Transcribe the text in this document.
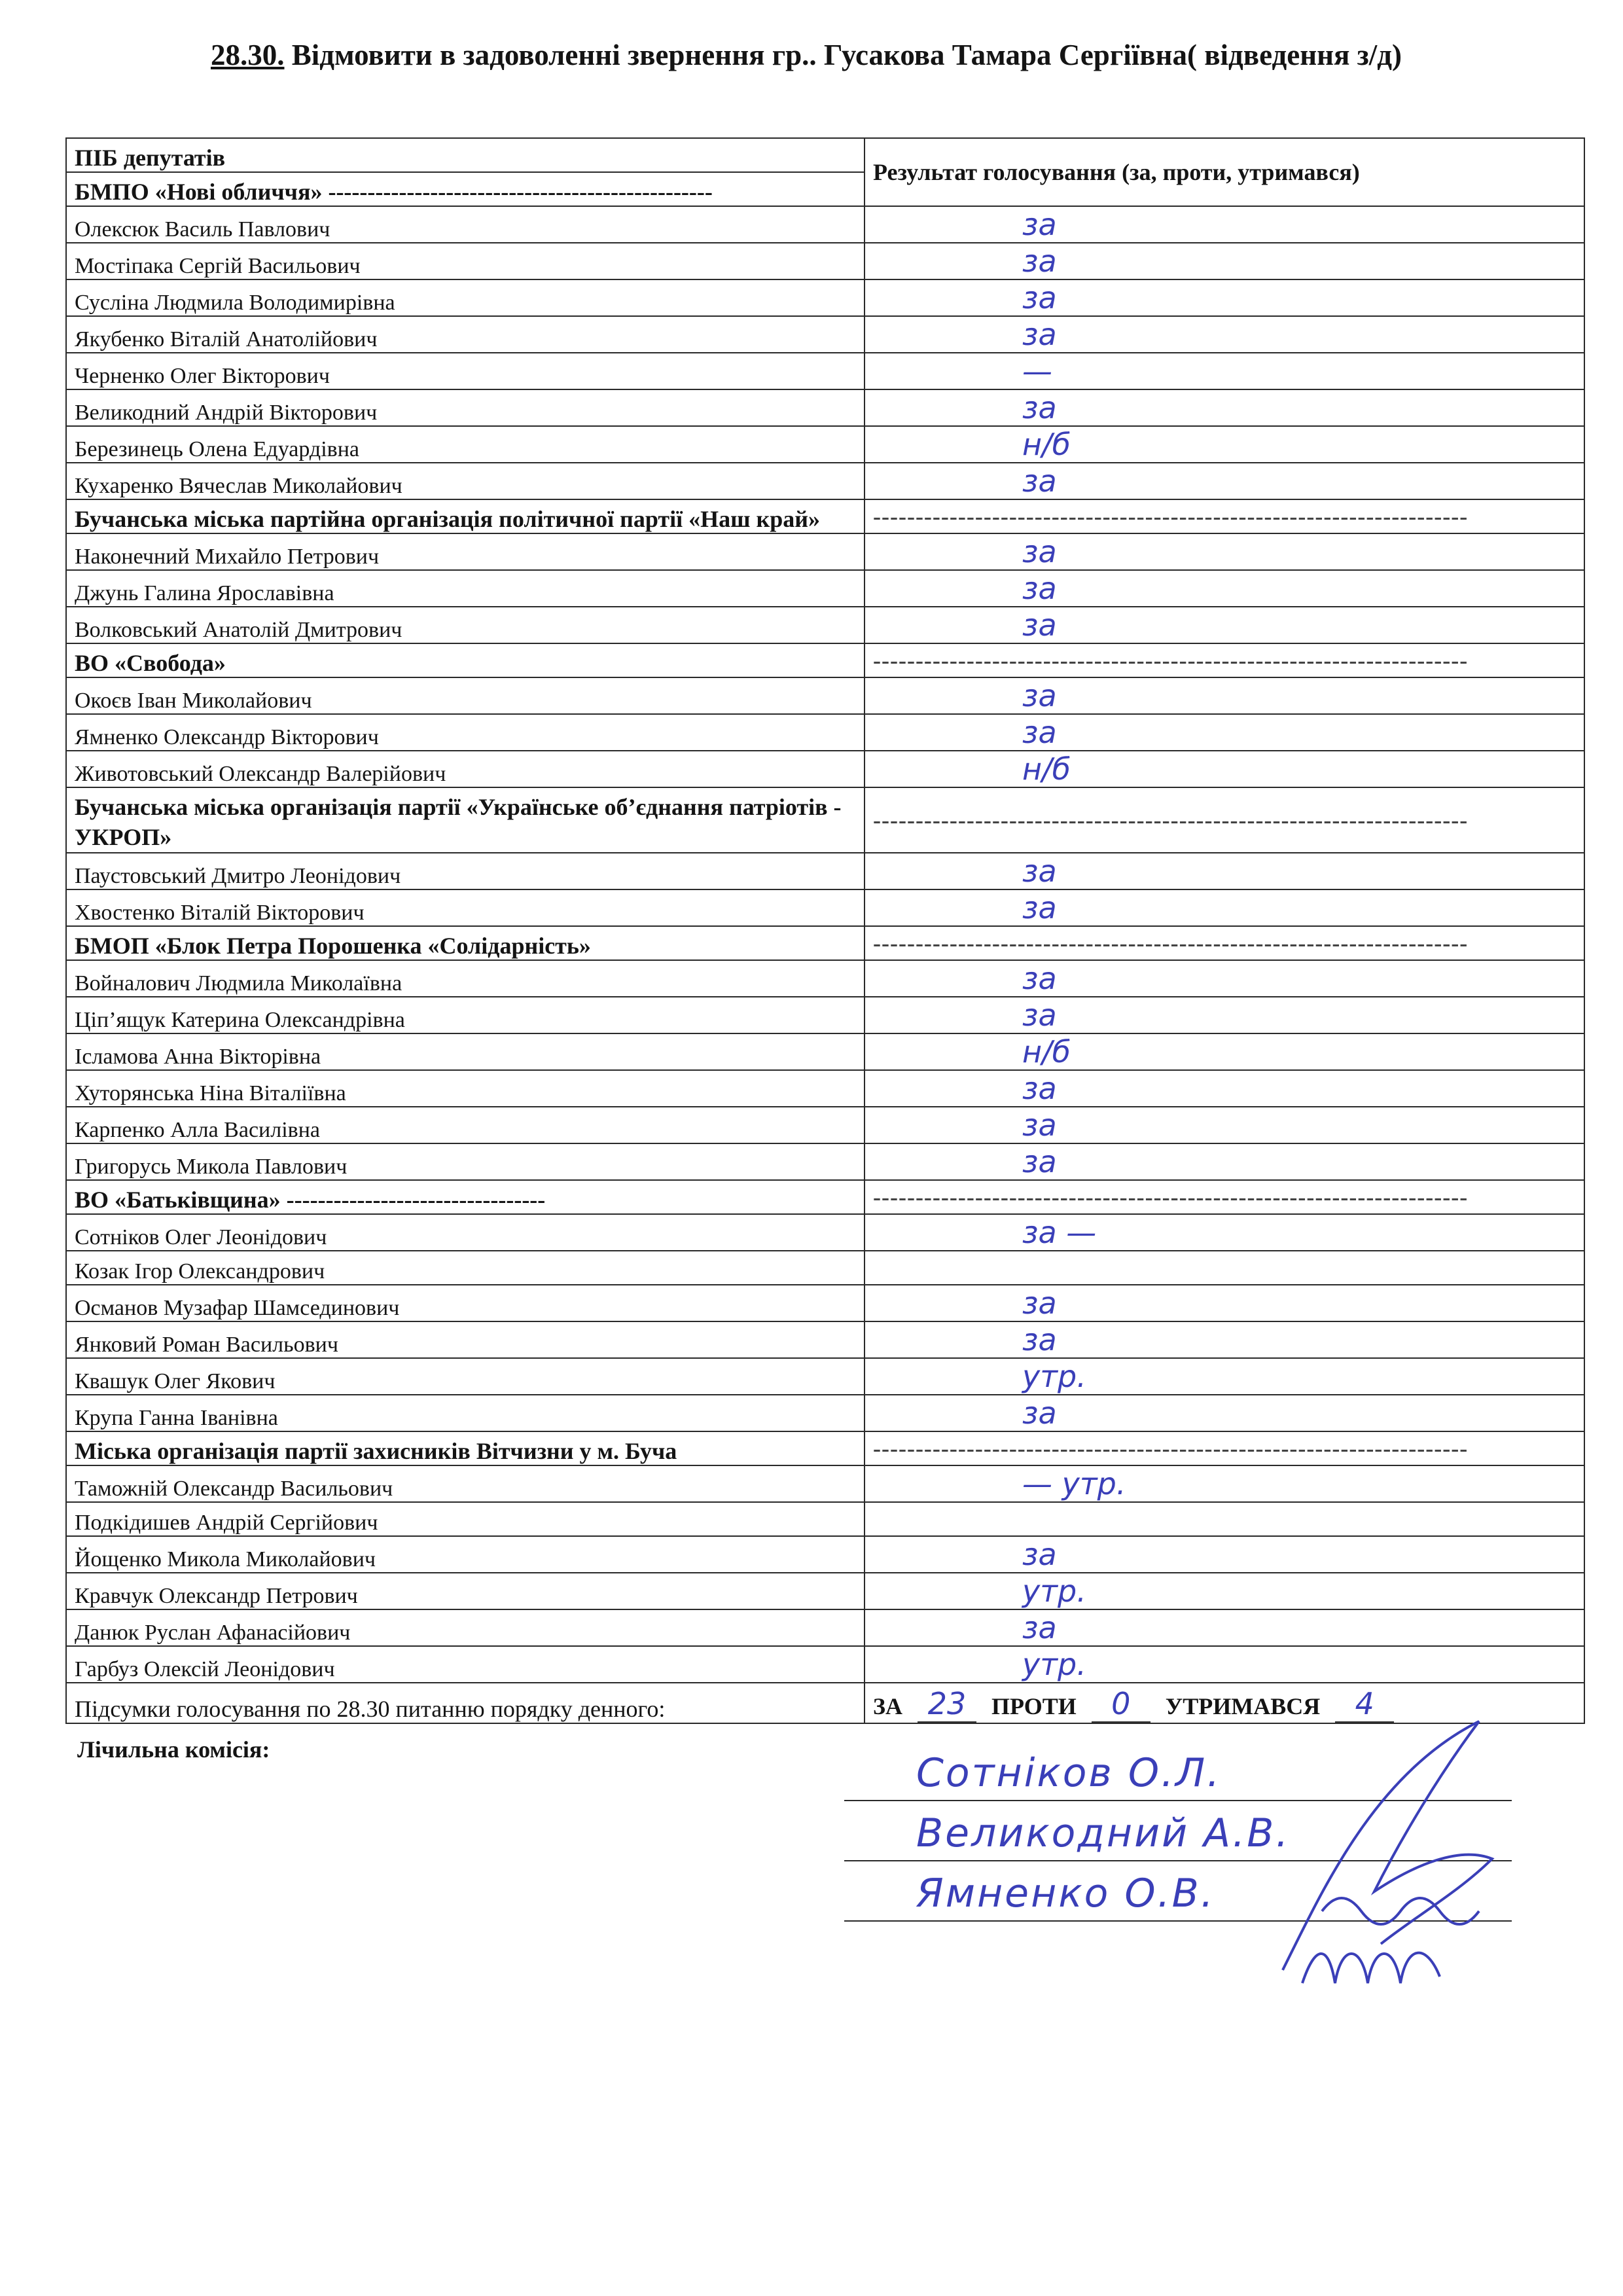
28.30. Відмовити в задоволенні звернення гр.. Гусакова Тамара Сергіївна( відведення з/д)
ПІБ депутатів	Результат голосування (за, проти, утримався)
БМПО «Нові обличчя» -------------------------------------------------	
Олексюк Василь Павлович	за
Мостіпака Сергій Васильович	за
Сусліна Людмила Володимирівна	за
Якубенко Віталій Анатолійович	за
Черненко Олег Вікторович	—
Великодний Андрій Вікторович	за
Березинець Олена Едуардівна	н/б
Кухаренко Вячеслав Миколайович	за
Бучанська міська партійна організація політичної партії «Наш край»	----------------------------------------------------------------------
Наконечний Михайло Петрович	за
Джунь Галина Ярославівна	за
Волковський Анатолій Дмитрович	за
ВО «Свобода»	----------------------------------------------------------------------
Окоєв Іван Миколайович	за
Ямненко Олександр Вікторович	за
Животовський Олександр Валерійович	н/б
Бучанська міська організація партії «Українське об’єднання патріотів - УКРОП»	----------------------------------------------------------------------
Паустовський Дмитро Леонідович	за
Хвостенко Віталій Вікторович	за
БМОП «Блок Петра Порошенка «Солідарність»	----------------------------------------------------------------------
Войналович Людмила Миколаївна	за
Ціп’ящук Катерина Олександрівна	за
Ісламова Анна Вікторівна	н/б
Хуторянська Ніна Віталіївна	за
Карпенко Алла Василівна	за
Григорусь Микола Павлович	за
ВО «Батьківщина» ---------------------------------	----------------------------------------------------------------------
Сотніков Олег Леонідович	за —
Козак Ігор Олександрович	
Османов Музафар Шамсединович	за
Янковий Роман Васильович	за
Квашук Олег Якович	утр.
Крупа Ганна Іванівна	за
Міська організація партії захисників Вітчизни у м. Буча	----------------------------------------------------------------------
Таможній Олександр Васильович	— утр.
Подкідишев Андрій Сергійович	
Йощенко Микола Миколайович	за
Кравчук Олександр Петрович	утр.
Данюк Руслан Афанасійович	за
Гарбуз Олексій Леонідович	утр.
Підсумки голосування по 28.30 питанню порядку денного:	ЗА 23 ПРОТИ 0 УТРИМАВСЯ 4

Лічильна комісія:

Сотніков О.Л.
Великодний А.В.
Ямненко О.В.
